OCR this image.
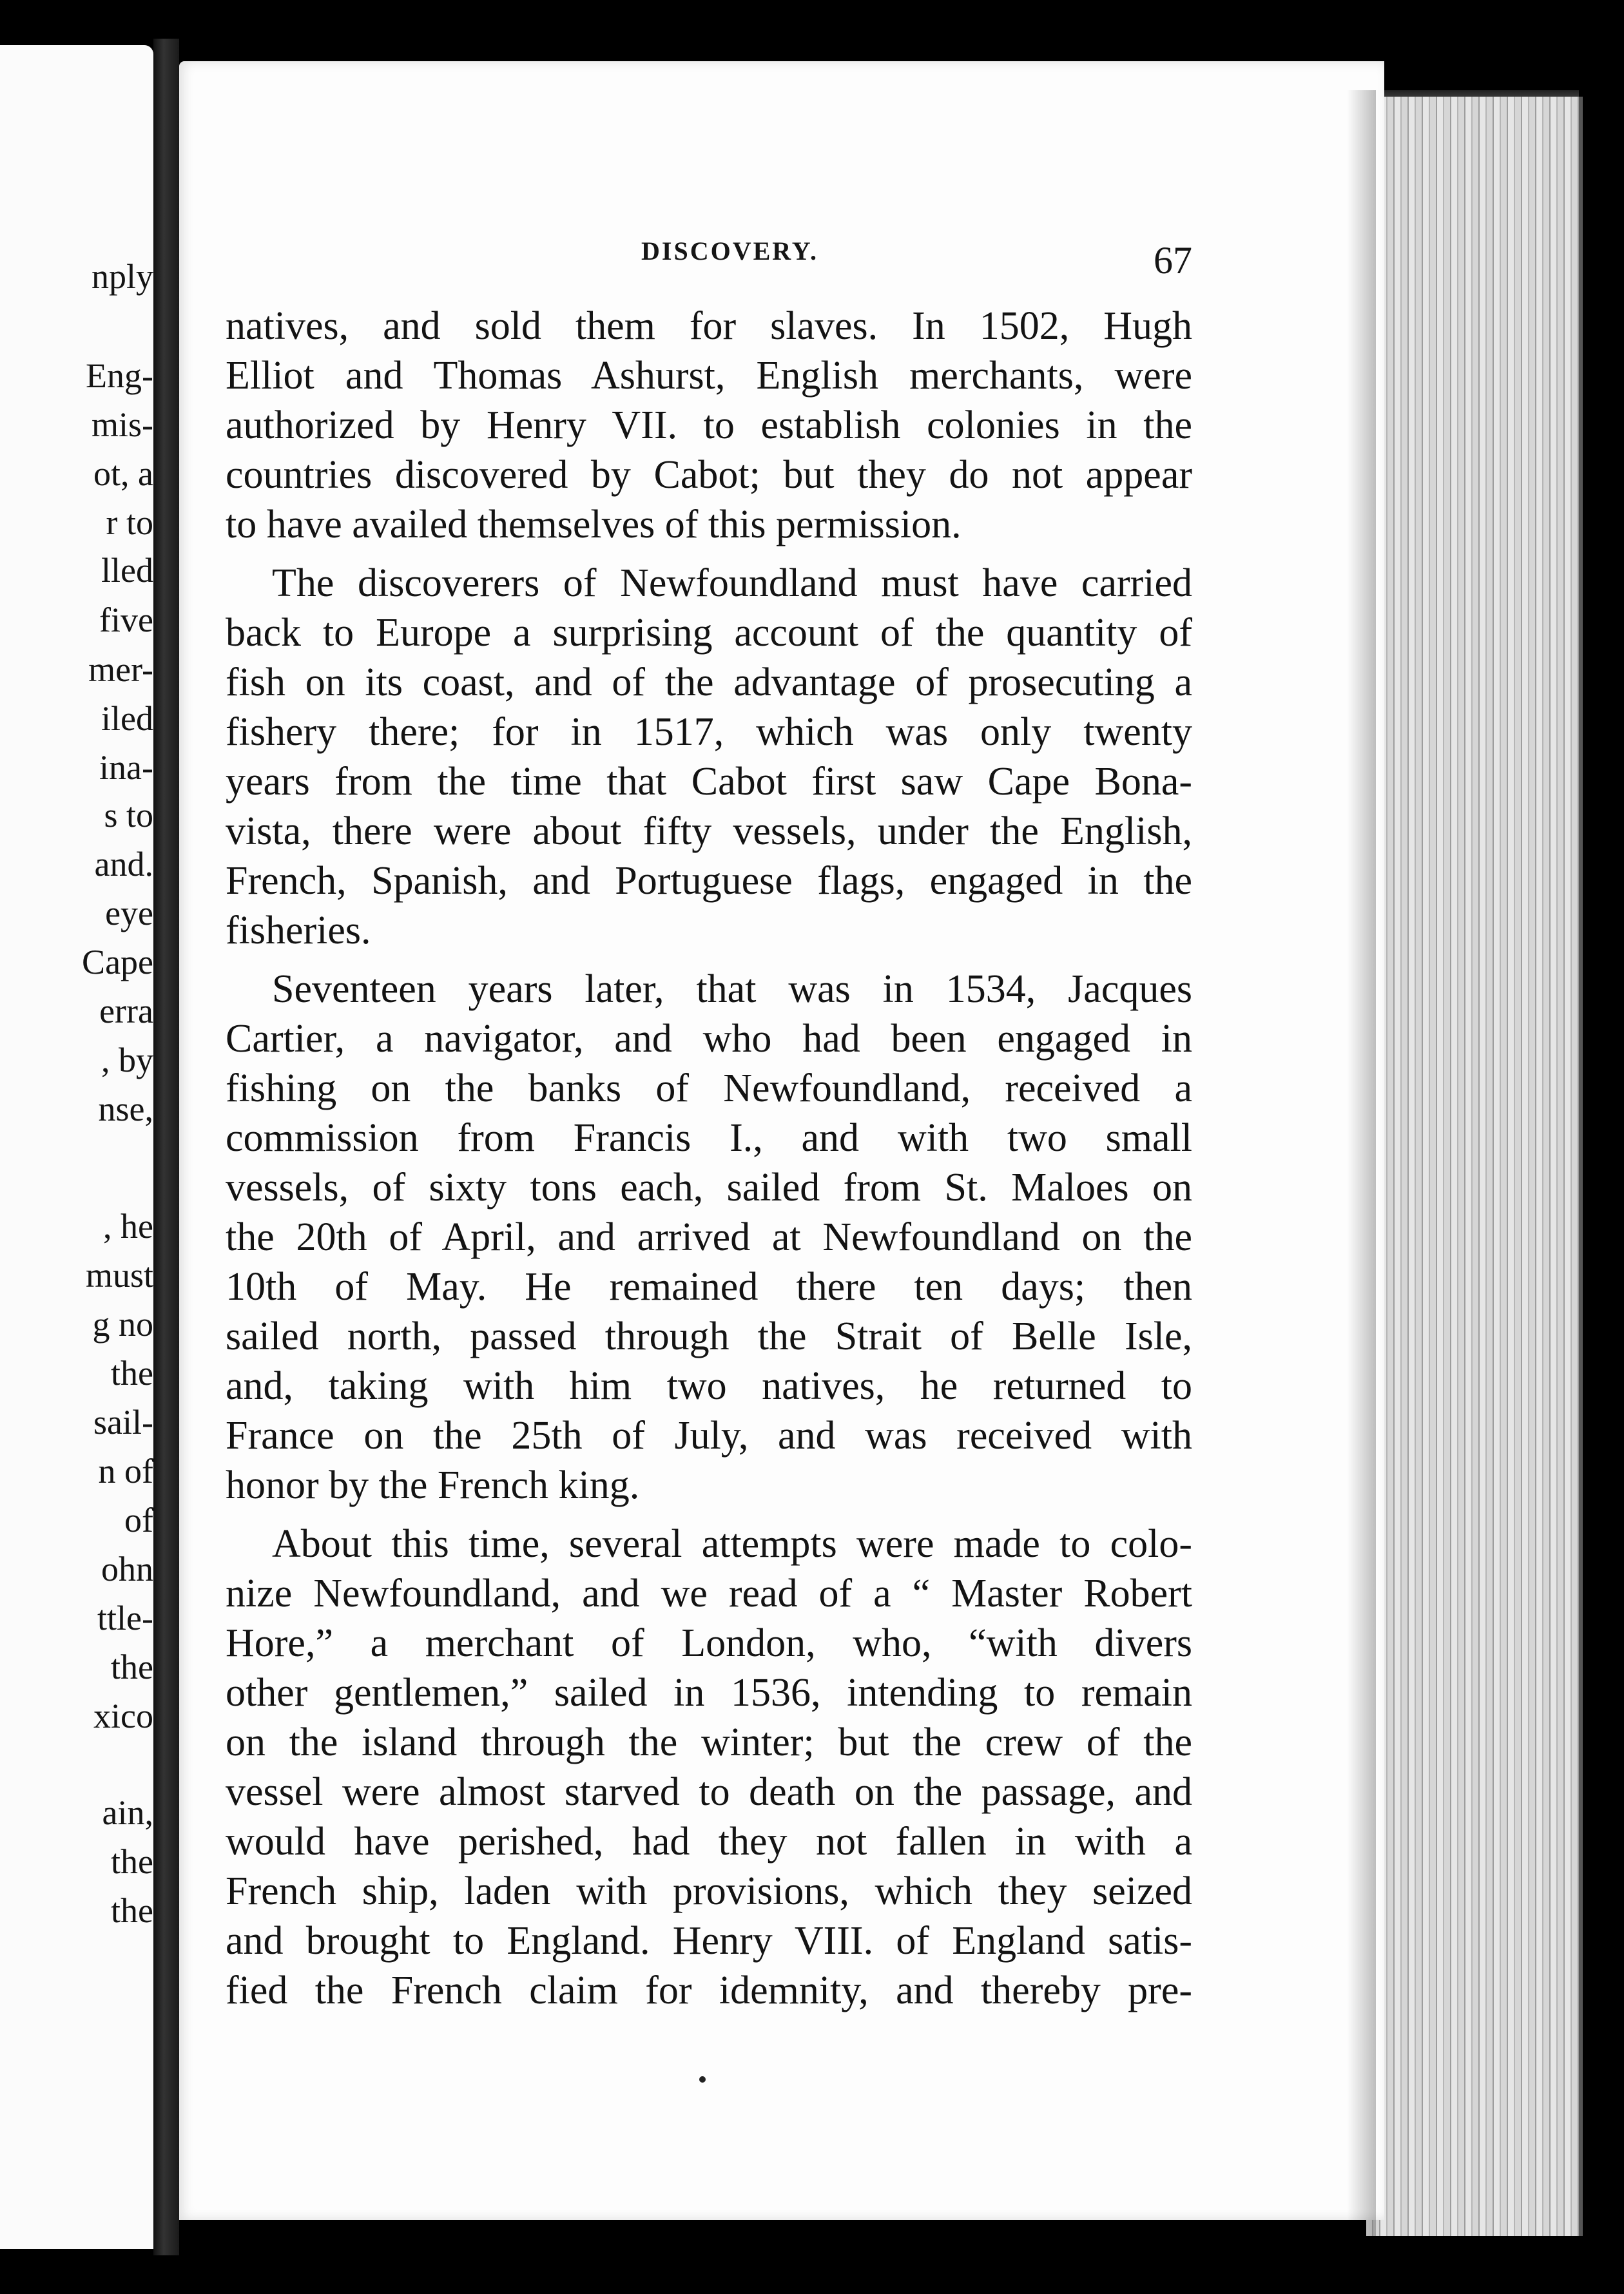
nply
Eng-
mis-
ot, a
r to
lled
five
mer-
iled
ina-
s to
and.
eye
Cape
erra
, by
nse,
, he
must
g no
the
sail-
n of
of
ohn
ttle-
the
xico
ain,
the
the
DISCOVERY.	67
natives, and sold them for slaves. In 1502, Hugh
Elliot and Thomas Ashurst, English merchants, were
authorized by Henry VII. to establish colonies in the
countries discovered by Cabot; but they do not appear
to have availed themselves of this permission.
The discoverers of Newfoundland must have carried
back to Europe a surprising account of the quantity of
fish on its coast, and of the advantage of prosecuting a
fishery there; for in 1517, which was only twenty
years from the time that Cabot first saw Cape Bona-
vista, there were about fifty vessels, under the English,
French, Spanish, and Portuguese flags, engaged in the
fisheries.
Seventeen years later, that was in 1534, Jacques
Cartier, a navigator, and who had been engaged in
fishing on the banks of Newfoundland, received a
commission from Francis I., and with two small
vessels, of sixty tons each, sailed from St. Maloes on
the 20th of April, and arrived at Newfoundland on the
10th of May. He remained there ten days; then
sailed north, passed through the Strait of Belle Isle,
and, taking with him two natives, he returned to
France on the 25th of July, and was received with
honor by the French king.
About this time, several attempts were made to colo-
nize Newfoundland, and we read of a “ Master Robert
Hore,” a merchant of London, who, “with divers
other gentlemen,” sailed in 1536, intending to remain
on the island through the winter; but the crew of the
vessel were almost starved to death on the passage, and
would have perished, had they not fallen in with a
French ship, laden with provisions, which they seized
and brought to England. Henry VIII. of England satis-
fied the French claim for idemnity, and thereby pre-
